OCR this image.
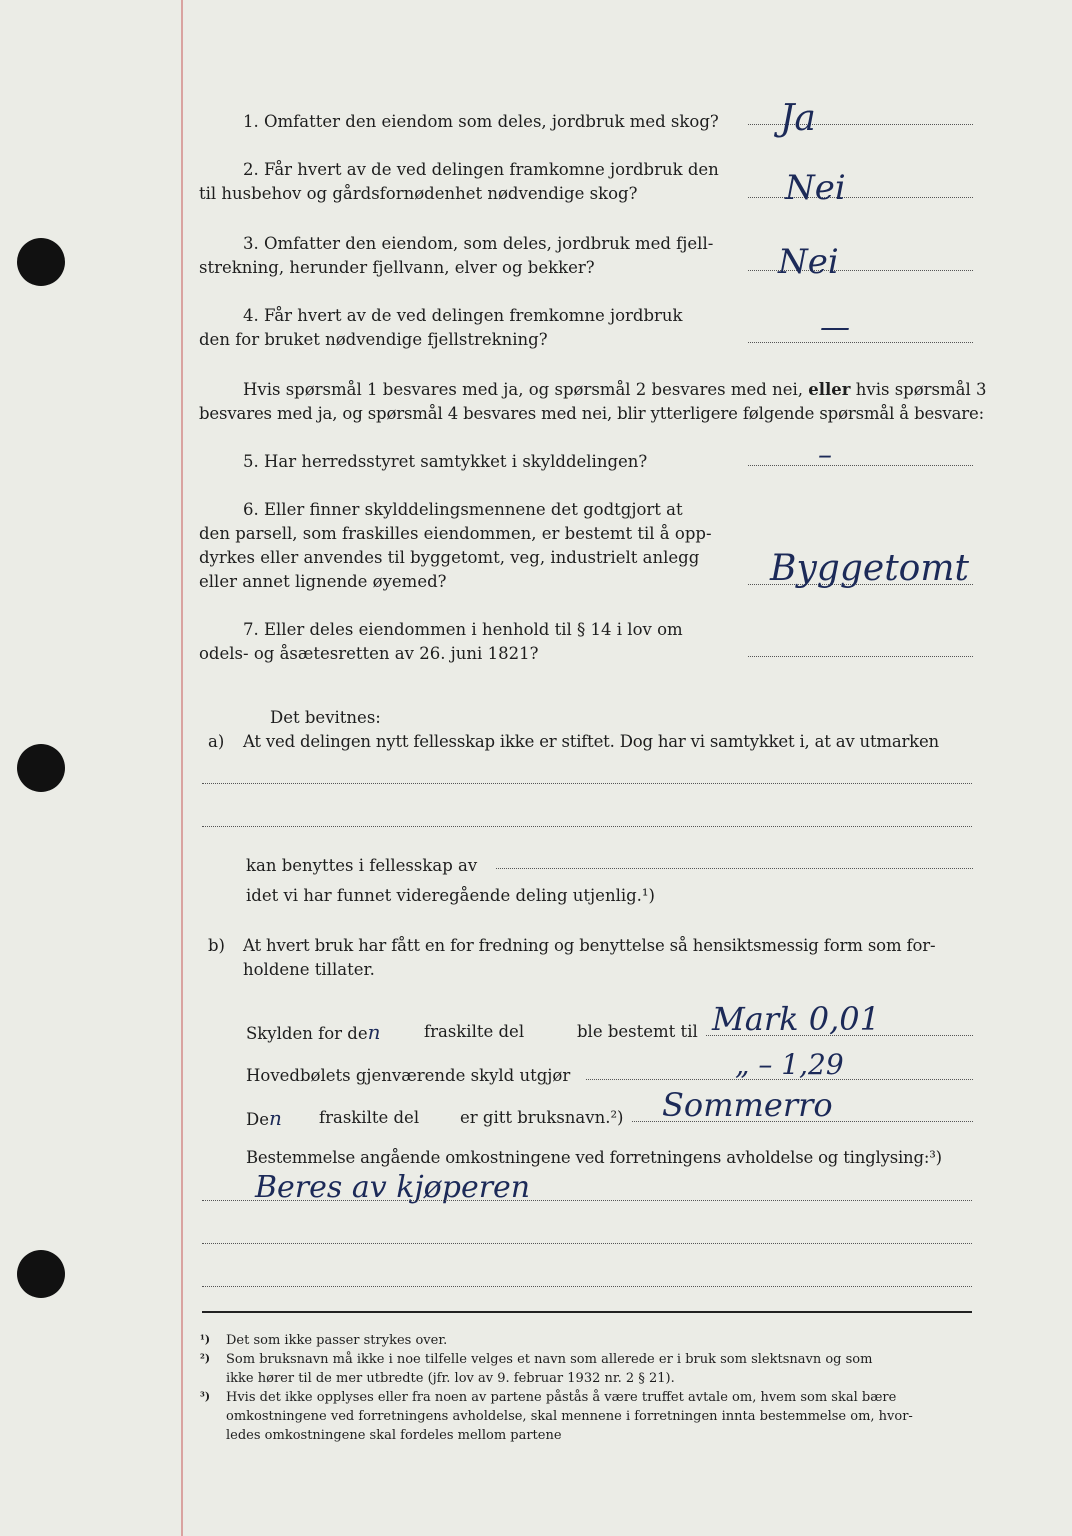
1. Omfatter den eiendom som deles, jordbruk med skog? Ja
2. Får hvert av de ved delingen framkomne jordbruk den
til husbehov og gårdsfornødenhet nødvendige skog?	Nei
3. Omfatter den eiendom, som deles, jordbruk med fjell-
strekning, herunder fjellvann, elver og bekker?	Nei
4. Får hvert av de ved delingen fremkomne jordbruk
den for bruket nødvendige fjellstrekning?	—
Hvis spørsmål 1 besvares med ja, og spørsmål 2 besvares med nei, eller hvis spørsmål 3
besvares med ja, og spørsmål 4 besvares med nei, blir ytterligere følgende spørsmål å besvare:
5. Har herredsstyret samtykket i skylddelingen?	–
6. Eller finner skylddelingsmennene det godtgjort at
den parsell, som fraskilles eiendommen, er bestemt til å opp-
dyrkes eller anvendes til byggetomt, veg, industrielt anlegg
eller annet lignende øyemed?	Byggetomt
7. Eller deles eiendommen i henhold til § 14 i lov om
odels- og åsætesretten av 26. juni 1821?
Det bevitnes:
a) At ved delingen nytt fellesskap ikke er stiftet. Dog har vi samtykket i, at av utmarken
kan benyttes i fellesskap av
idet vi har funnet videregående deling utjenlig.¹)
b) At hvert bruk har fått en for fredning og benyttelse så hensiktsmessig form som for-
holdene tillater.
Skylden for den	fraskilte del	ble bestemt til Mark 0,01
Hovedbølets gjenværende skyld utgjør	„ – 1,29
Den fraskilte del er gitt bruksnavn.²) Sommerro
Bestemmelse angående omkostningene ved forretningens avholdelse og tinglysing:³)
Beres av kjøperen
¹) Det som ikke passer strykes over.
²) Som bruksnavn må ikke i noe tilfelle velges et navn som allerede er i bruk som slektsnavn og som
ikke hører til de mer utbredte (jfr. lov av 9. februar 1932 nr. 2 § 21).
³) Hvis det ikke opplyses eller fra noen av partene påstås å være truffet avtale om, hvem som skal bære
omkostningene ved forretningens avholdelse, skal mennene i forretningen innta bestemmelse om, hvor-
ledes omkostningene skal fordeles mellom partene
